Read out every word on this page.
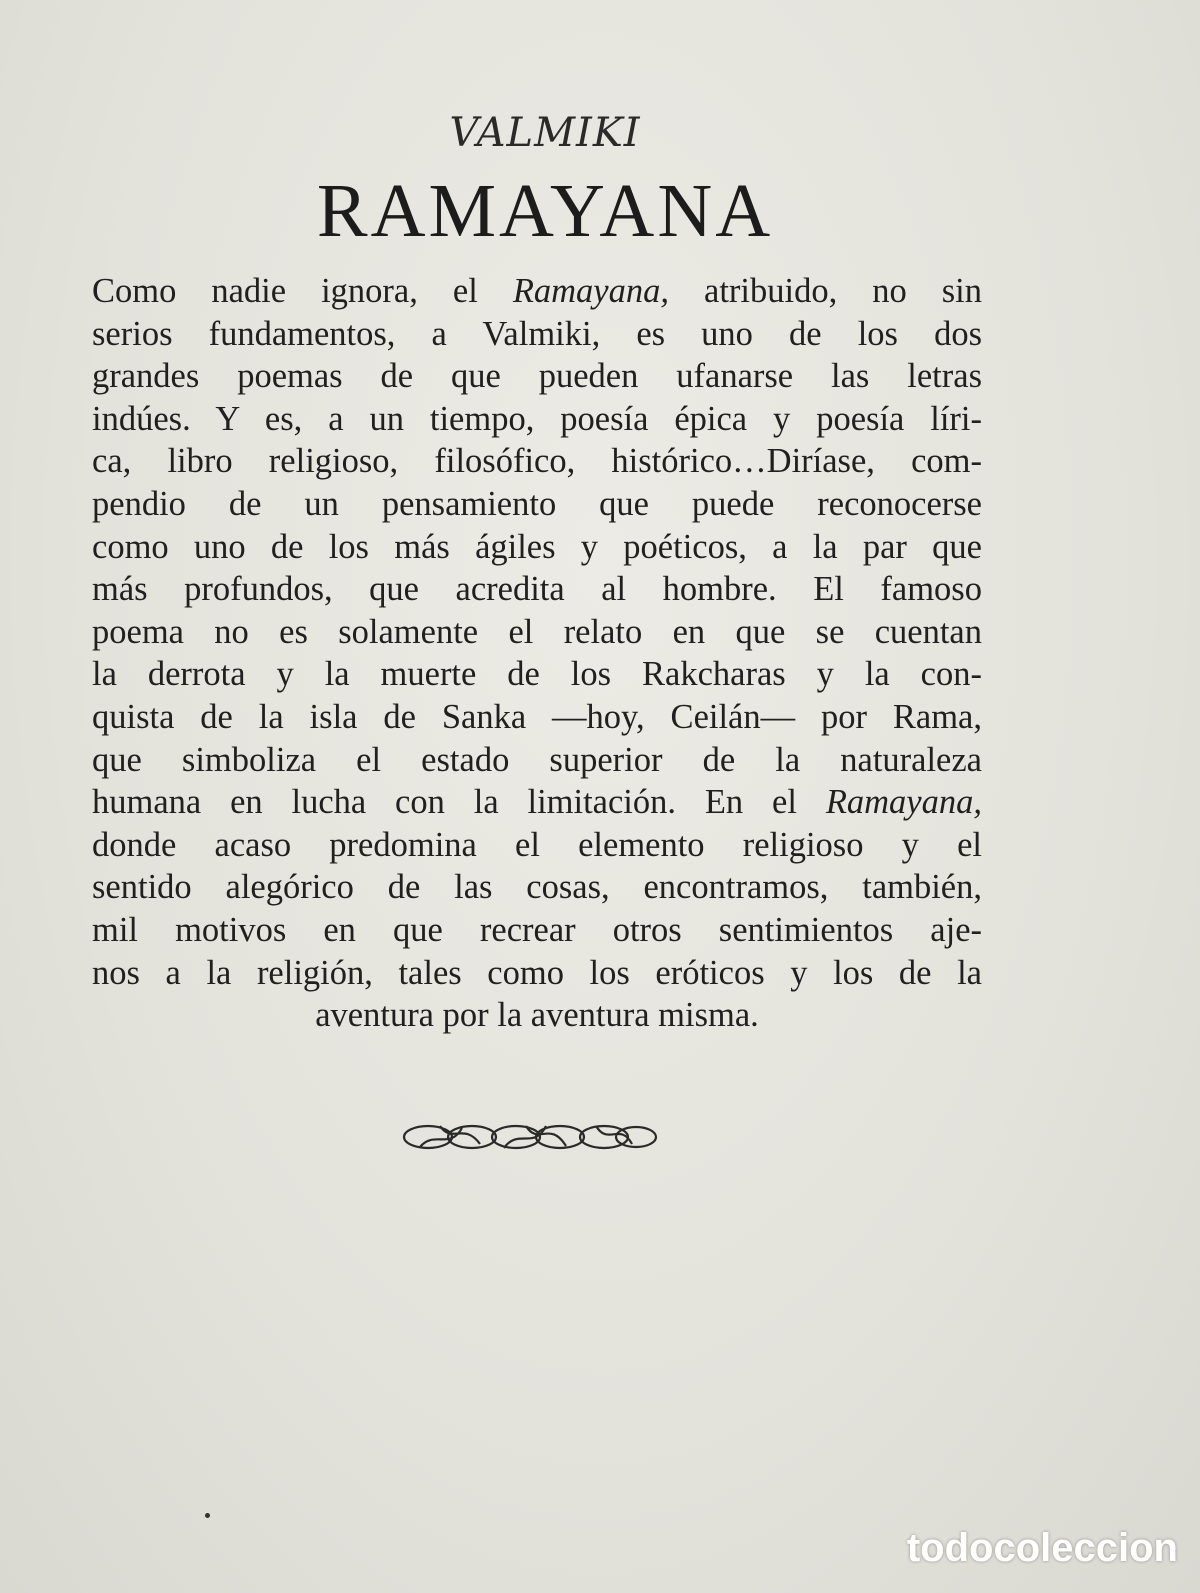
VALMIKI
RAMAYANA
Como nadie ignora, el Ramayana, atribuido, no sin
serios fundamentos, a Valmiki, es uno de los dos
grandes poemas de que pueden ufanarse las letras
indúes. Y es, a un tiempo, poesía épica y poesía líri-
ca, libro religioso, filosófico, histórico…Diríase, com-
pendio de un pensamiento que puede reconocerse
como uno de los más ágiles y poéticos, a la par que
más profundos, que acredita al hombre. El famoso
poema no es solamente el relato en que se cuentan
la derrota y la muerte de los Rakcharas y la con-
quista de la isla de Sanka —hoy, Ceilán— por Rama,
que simboliza el estado superior de la naturaleza
humana en lucha con la limitación. En el Ramayana,
donde acaso predomina el elemento religioso y el
sentido alegórico de las cosas, encontramos, también,
mil motivos en que recrear otros sentimientos aje-
nos a la religión, tales como los eróticos y los de la
aventura por la aventura misma.
todocoleccion
